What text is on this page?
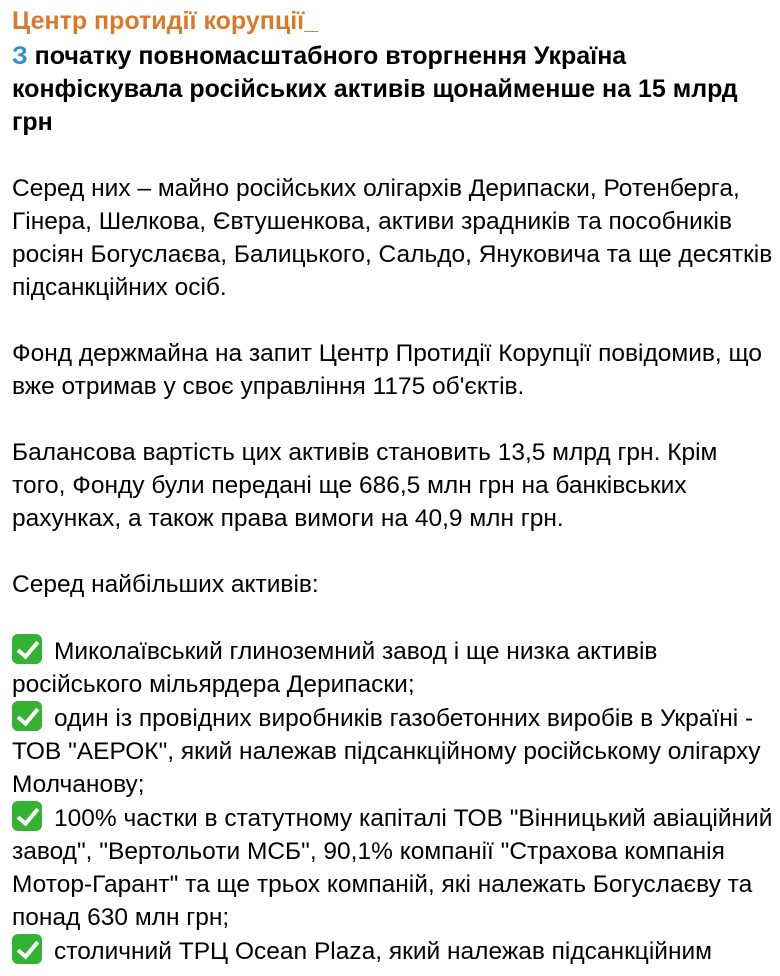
Центр протидії корупції_

З початку повномасштабного вторгнення Україна конфіскувала російських активів щонайменше на 15 млрд грн

Серед них – майно російських олігархів Дерипаски, Ротенберга, Гінера, Шелкова, Євтушенкова, активи зрадників та пособників росіян Богуслаєва, Балицького, Сальдо, Януковича та ще десятків підсанкційних осіб.

Фонд держмайна на запит Центр Протидії Корупції повідомив, що вже отримав у своє управління 1175 об'єктів.

Балансова вартість цих активів становить 13,5 млрд грн. Крім того, Фонду були передані ще 686,5 млн грн на банківських рахунках, а також права вимоги на 40,9 млн грн.

Серед найбільших активів:

Миколаївський глиноземний завод і ще низка активів російського мільярдера Дерипаски;

один із провідних виробників газобетонних виробів в Україні - ТОВ "АЕРОК", який належав підсанкційному російському олігарху Молчанову;

100% частки в статутному капіталі ТОВ "Вінницький авіаційний завод", "Вертольоти МСБ", 90,1% компанії "Страхова компанія Мотор-Гарант" та ще трьох компаній, які належать Богуслаєву та понад 630 млн грн;

столичний ТРЦ Ocean Plaza, який належав підсанкційним
